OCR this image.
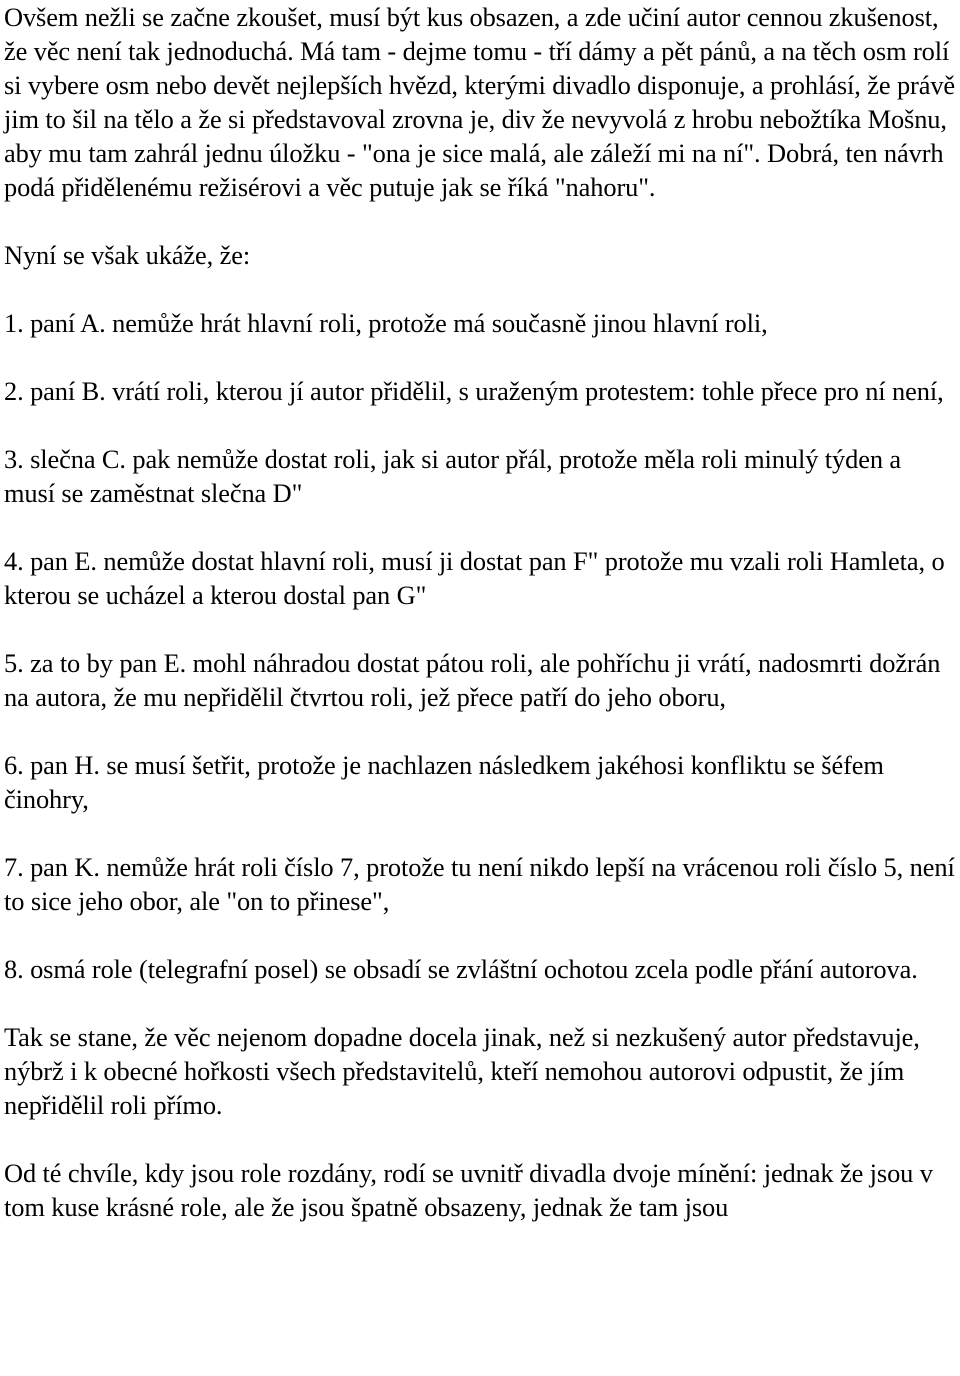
Ovšem nežli se začne zkoušet, musí být kus obsazen, a zde učiní autor cennou zkušenost, že věc není tak jednoduchá. Má tam - dejme tomu - tří dámy a pět pánů, a na těch osm rolí si vybere osm nebo devět nejlepších hvězd, kterými divadlo disponuje, a prohlásí, že právě jim to šil na tělo a že si představoval zrovna je, div že nevyvolá z hrobu nebožtíka Mošnu, aby mu tam zahrál jednu úložku - "ona je sice malá, ale záleží mi na ní". Dobrá, ten návrh podá přidělenému režisérovi a věc putuje jak se říká "nahoru".

Nyní se však ukáže, že:

1. paní A. nemůže hrát hlavní roli, protože má současně jinou hlavní roli,

2. paní B. vrátí roli, kterou jí autor přidělil, s uraženým protestem: tohle přece pro ní není,

3. slečna C. pak nemůže dostat roli, jak si autor přál, protože měla roli minulý týden a musí se zaměstnat slečna D"

4. pan E. nemůže dostat hlavní roli, musí ji dostat pan F" protože mu vzali roli Hamleta, o kterou se ucházel a kterou dostal pan G"

5. za to by pan E. mohl náhradou dostat pátou roli, ale pohříchu ji vrátí, nadosmrti dožrán na autora, že mu nepřidělil čtvrtou roli, jež přece patří do jeho oboru,

6. pan H. se musí šetřit, protože je nachlazen následkem jakéhosi konfliktu se šéfem činohry,

7. pan K. nemůže hrát roli číslo 7, protože tu není nikdo lepší na vrácenou roli číslo 5, není to sice jeho obor, ale "on to přinese",

8. osmá role (telegrafní posel) se obsadí se zvláštní ochotou zcela podle přání autorova.

Tak se stane, že věc nejenom dopadne docela jinak, než si nezkušený autor představuje, nýbrž i k obecné hořkosti všech představitelů, kteří nemohou autorovi odpustit, že jím nepřidělil roli přímo.

Od té chvíle, kdy jsou role rozdány, rodí se uvnitř divadla dvoje mínění: jednak že jsou v tom kuse krásné role, ale že jsou špatně obsazeny, jednak že tam jsou
